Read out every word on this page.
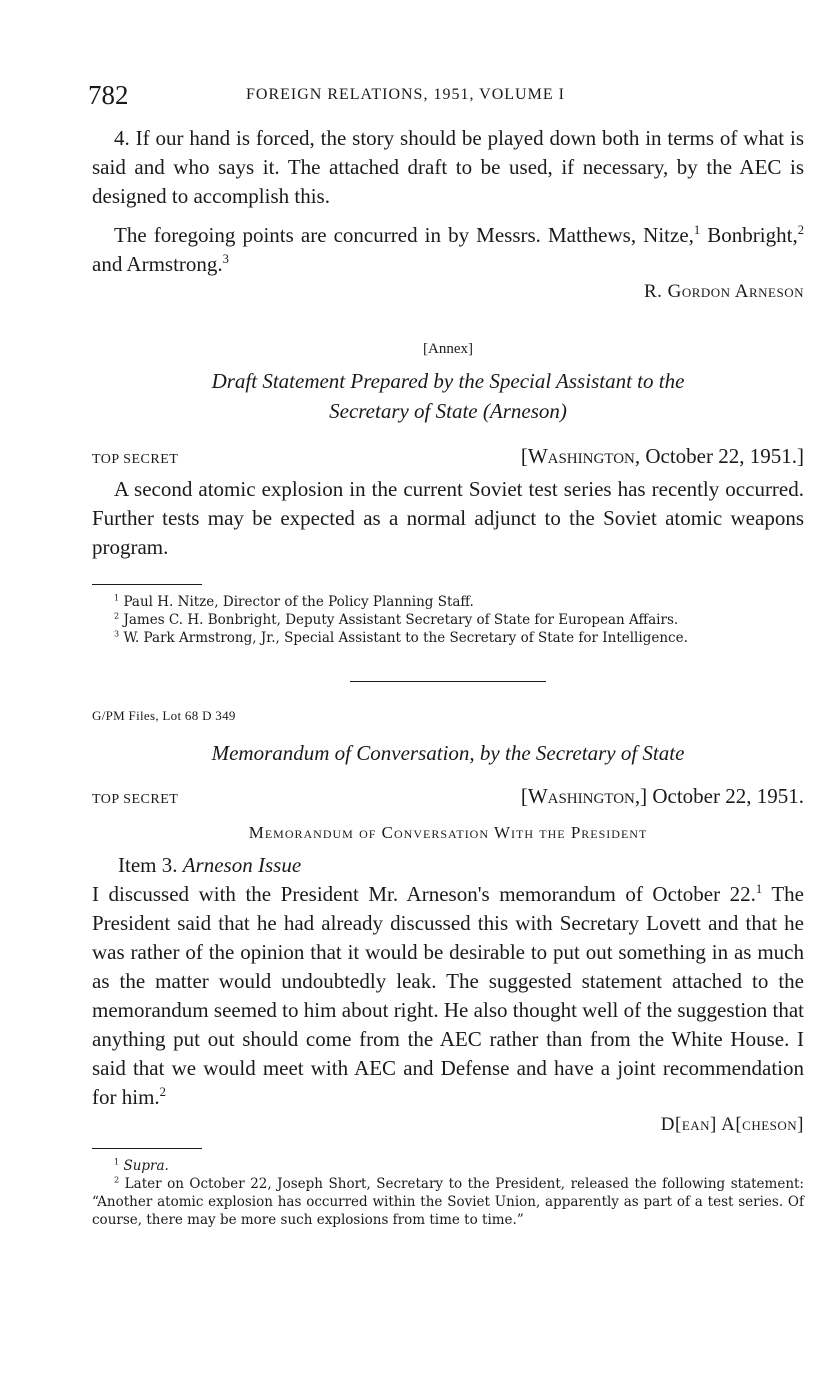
782	FOREIGN RELATIONS, 1951, VOLUME I

4. If our hand is forced, the story should be played down both in terms of what is said and who says it. The attached draft to be used, if necessary, by the AEC is designed to accomplish this.

The foregoing points are concurred in by Messrs. Matthews, Nitze,$^1$ Bonbright,$^2$ and Armstrong.$^3$

R. Gordon Arneson
[Annex]
Draft Statement Prepared by the Special Assistant to the
Secretary of State (Arneson)
TOP SECRET	[Washington, October 22, 1951.]

A second atomic explosion in the current Soviet test series has recently occurred. Further tests may be expected as a normal adjunct to the Soviet atomic weapons program.

$^1$ Paul H. Nitze, Director of the Policy Planning Staff.
$^2$ James C. H. Bonbright, Deputy Assistant Secretary of State for European Affairs.
$^3$ W. Park Armstrong, Jr., Special Assistant to the Secretary of State for Intelligence.
G/PM Files, Lot 68 D 349
Memorandum of Conversation, by the Secretary of State
TOP SECRET	[Washington,] October 22, 1951.
Memorandum of Conversation With the President
Item 3. Arneson Issue

I discussed with the President Mr. Arneson's memorandum of October 22.$^1$ The President said that he had already discussed this with Secretary Lovett and that he was rather of the opinion that it would be desirable to put out something in as much as the matter would undoubtedly leak. The suggested statement attached to the memorandum seemed to him about right. He also thought well of the suggestion that anything put out should come from the AEC rather than from the White House. I said that we would meet with AEC and Defense and have a joint recommendation for him.$^2$

D[ean] A[cheson]
$^1$ Supra.
$^2$ Later on October 22, Joseph Short, Secretary to the President, released the following statement: “Another atomic explosion has occurred within the Soviet Union, apparently as part of a test series. Of course, there may be more such explosions from time to time.”
